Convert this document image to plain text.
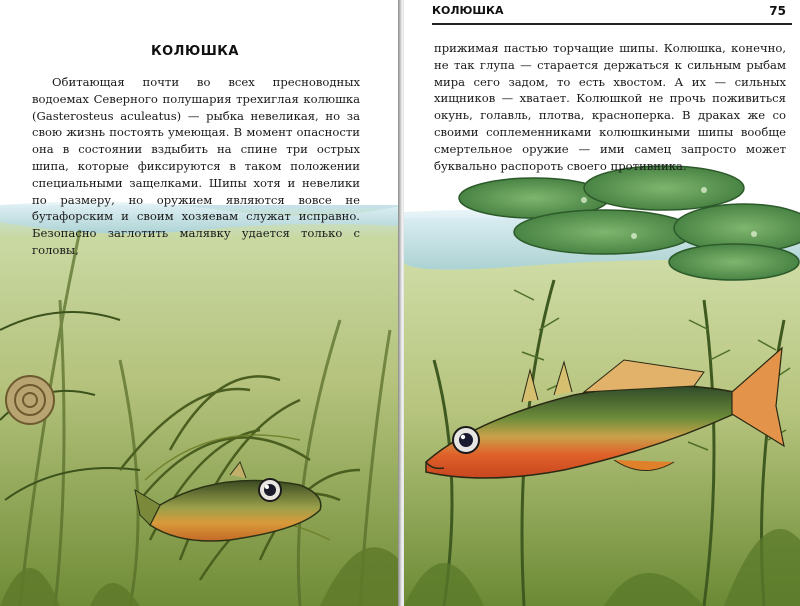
КОЛЮШКА
Обитающая почти во всех пресноводных водоемах Северного полушария трехиглая колюшка (Gasterosteus aculeatus) — рыбка невеликая, но за свою жизнь постоять умеющая. В момент опасности она в состоянии вздыбить на спине три острых шипа, которые фиксируются в таком положении специальными защелками. Шипы хотя и невелики по размеру, но оружием являются вовсе не бутафорским и своим хозяевам служат исправно. Безопасно заглотить малявку удается только с головы,
КОЛЮШКА	75
прижимая пастью торчащие шипы. Колюшка, конечно, не так глупа — старается держаться к сильным рыбам мира сего задом, то есть хвостом. А их — сильных хищников — хватает. Колюшкой не прочь поживиться окунь, голавль, плотва, красноперка. В драках же со своими соплеменниками колюшкиными шипы вообще смертельное оружие — ими самец запросто может буквально распороть своего противника.
